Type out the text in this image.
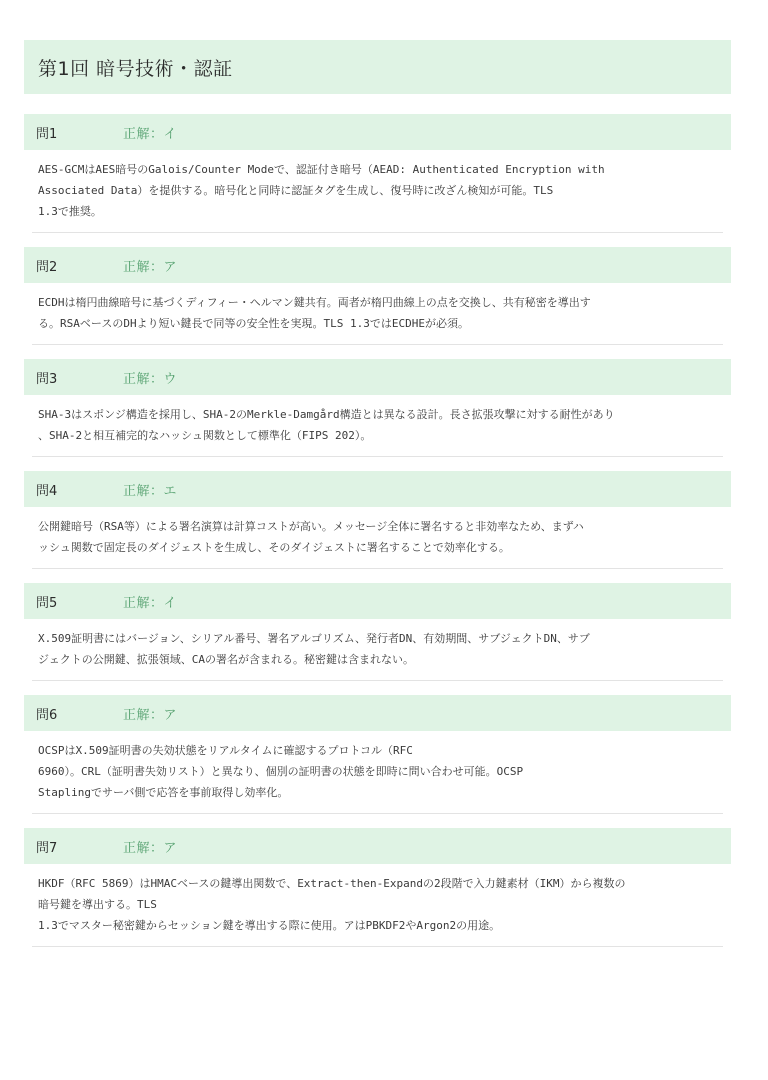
第1回 暗号技術・認証
問1	正解：イ
AES-GCMはAES暗号のGalois/Counter Modeで、認証付き暗号（AEAD: Authenticated Encryption with
Associated Data）を提供する。暗号化と同時に認証タグを生成し、復号時に改ざん検知が可能。TLS
1.3で推奨。
問2	正解：ア
ECDHは楕円曲線暗号に基づくディフィー・ヘルマン鍵共有。両者が楕円曲線上の点を交換し、共有秘密を導出す
る。RSAベースのDHより短い鍵長で同等の安全性を実現。TLS 1.3ではECDHEが必須。
問3	正解：ウ
SHA-3はスポンジ構造を採用し、SHA-2のMerkle-Damgård構造とは異なる設計。長さ拡張攻撃に対する耐性があり
、SHA-2と相互補完的なハッシュ関数として標準化（FIPS 202）。
問4	正解：エ
公開鍵暗号（RSA等）による署名演算は計算コストが高い。メッセージ全体に署名すると非効率なため、まずハ
ッシュ関数で固定長のダイジェストを生成し、そのダイジェストに署名することで効率化する。
問5	正解：イ
X.509証明書にはバージョン、シリアル番号、署名アルゴリズム、発行者DN、有効期間、サブジェクトDN、サブ
ジェクトの公開鍵、拡張領域、CAの署名が含まれる。秘密鍵は含まれない。
問6	正解：ア
OCSPはX.509証明書の失効状態をリアルタイムに確認するプロトコル（RFC
6960）。CRL（証明書失効リスト）と異なり、個別の証明書の状態を即時に問い合わせ可能。OCSP
Staplingでサーバ側で応答を事前取得し効率化。
問7	正解：ア
HKDF（RFC 5869）はHMACベースの鍵導出関数で、Extract-then-Expandの2段階で入力鍵素材（IKM）から複数の
暗号鍵を導出する。TLS
1.3でマスター秘密鍵からセッション鍵を導出する際に使用。アはPBKDF2やArgon2の用途。
